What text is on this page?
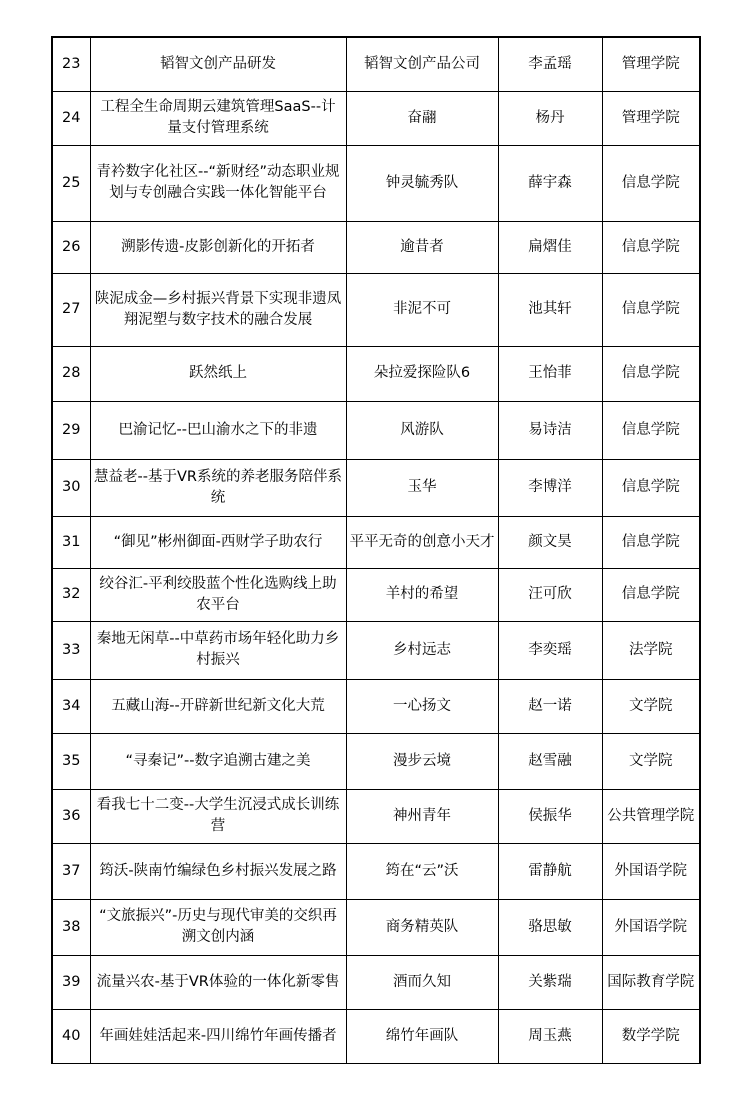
23	韬智文创产品研发	韬智文创产品公司	李孟瑶	管理学院
24	工程全生命周期云建筑管理SaaS--计量支付管理系统	奋翮	杨丹	管理学院
25	青衿数字化社区--“新财经”动态职业规划与专创融合实践一体化智能平台	钟灵毓秀队	薛宇森	信息学院
26	溯影传遗-皮影创新化的开拓者	逾昔者	扁熠佳	信息学院
27	陕泥成金—乡村振兴背景下实现非遗凤翔泥塑与数字技术的融合发展	非泥不可	池其轩	信息学院
28	跃然纸上	朵拉爱探险队6	王怡菲	信息学院
29	巴渝记忆--巴山渝水之下的非遗	风游队	易诗洁	信息学院
30	慧益老--基于VR系统的养老服务陪伴系统	玉华	李博洋	信息学院
31	“御见”彬州御面-西财学子助农行	平平无奇的创意小天才	颜文昊	信息学院
32	绞谷汇-平利绞股蓝个性化选购线上助农平台	羊村的希望	汪可欣	信息学院
33	秦地无闲草--中草药市场年轻化助力乡村振兴	乡村远志	李奕瑶	法学院
34	五藏山海--开辟新世纪新文化大荒	一心扬文	赵一诺	文学院
35	“寻秦记”--数字追溯古建之美	漫步云境	赵雪融	文学院
36	看我七十二变--大学生沉浸式成长训练营	神州青年	侯振华	公共管理学院
37	筠沃-陕南竹编绿色乡村振兴发展之路	筠在“云”沃	雷静航	外国语学院
38	“文旅振兴”-历史与现代审美的交织再溯文创内涵	商务精英队	骆思敏	外国语学院
39	流量兴农-基于VR体验的一体化新零售	酒而久知	关紫瑞	国际教育学院
40	年画娃娃活起来-四川绵竹年画传播者	绵竹年画队	周玉燕	数学学院
